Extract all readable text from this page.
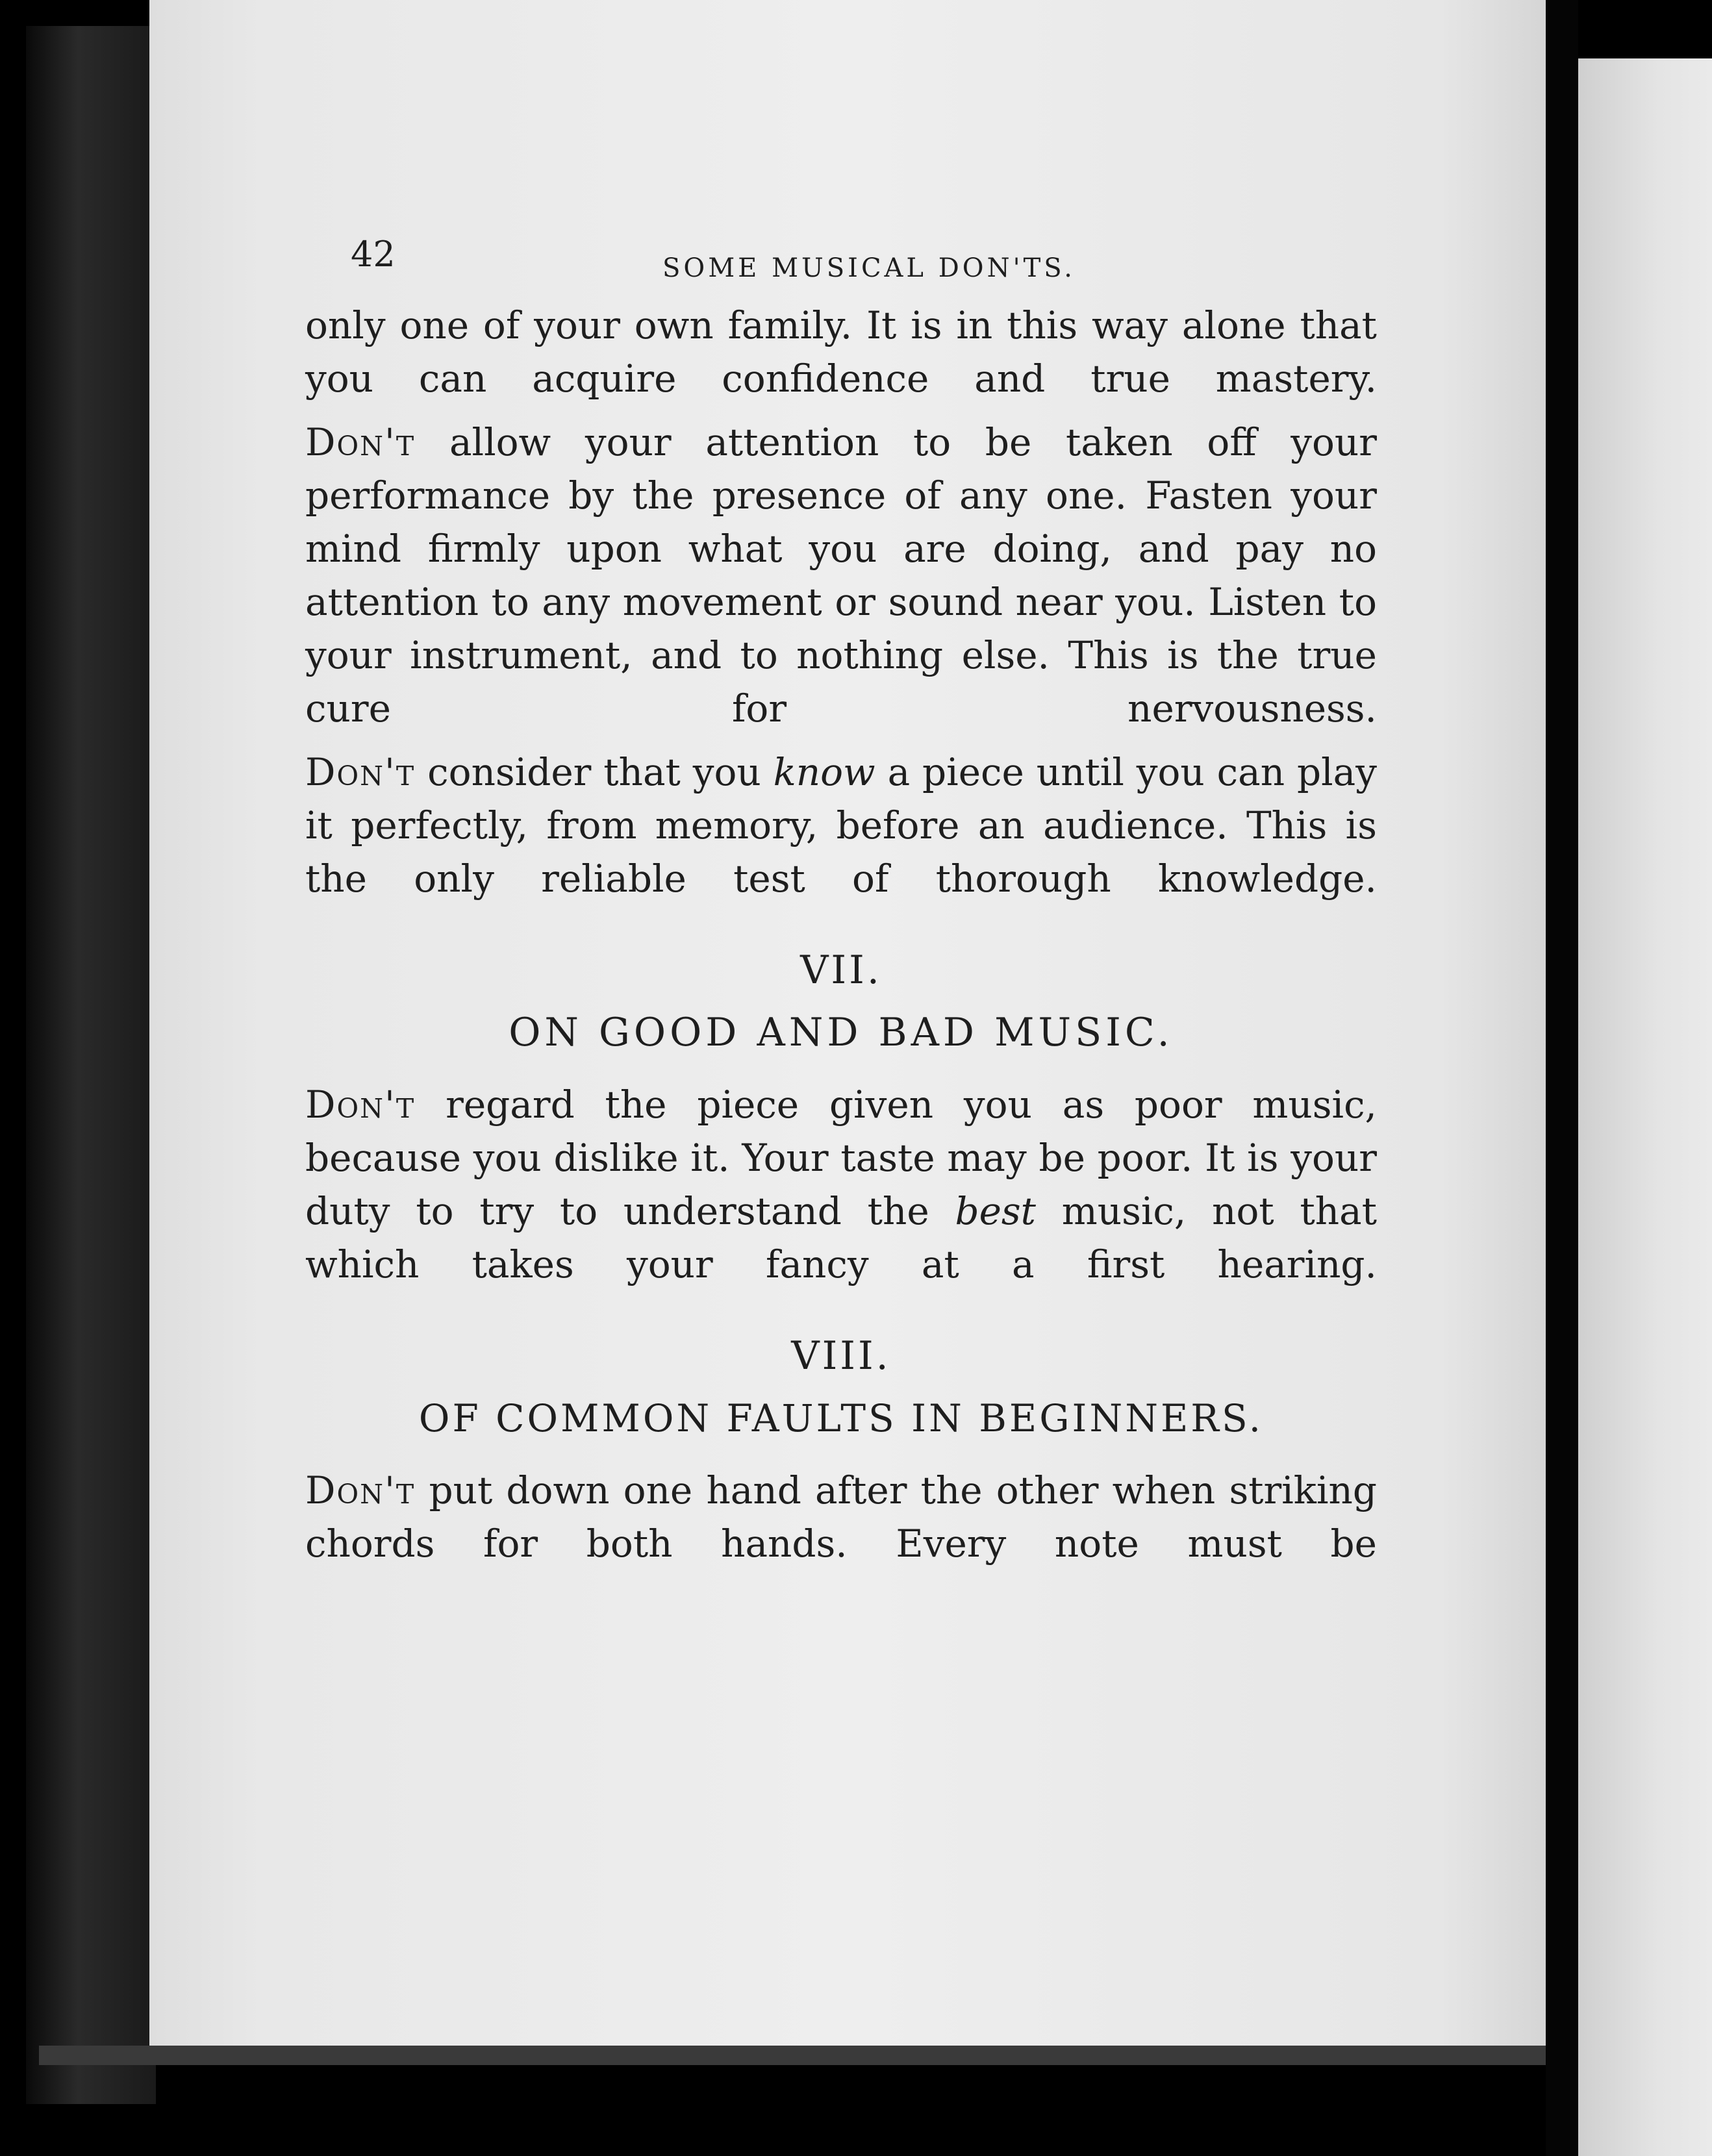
42	SOME MUSICAL DON'TS.

only one of your own family. It is in this way alone that you can acquire confidence and true mastery.

Don't allow your attention to be taken off your performance by the presence of any one. Fasten your mind firmly upon what you are doing, and pay no attention to any movement or sound near you. Listen to your instrument, and to nothing else. This is the true cure for nervousness.

Don't consider that you know a piece until you can play it perfectly, from memory, before an audience. This is the only reliable test of thorough knowledge.

VII.
ON GOOD AND BAD MUSIC.

Don't regard the piece given you as poor music, because you dislike it. Your taste may be poor. It is your duty to try to understand the best music, not that which takes your fancy at a first hearing.

VIII.
OF COMMON FAULTS IN BEGINNERS.

Don't put down one hand after the other when striking chords for both hands. Every note must be
